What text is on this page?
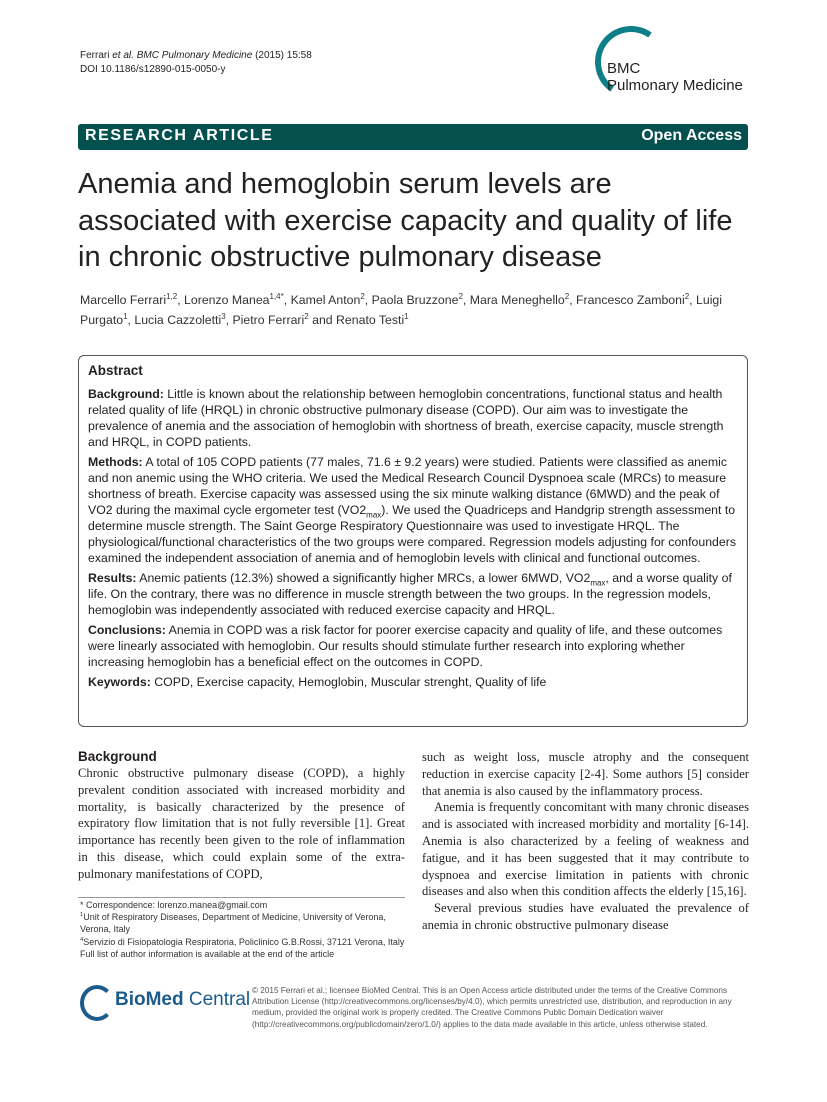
Ferrari et al. BMC Pulmonary Medicine (2015) 15:58
DOI 10.1186/s12890-015-0050-y	BMC
Pulmonary Medicine
RESEARCH ARTICLE	Open Access
Anemia and hemoglobin serum levels are associated with exercise capacity and quality of life in chronic obstructive pulmonary disease
Marcello Ferrari$^{1,2}$, Lorenzo Manea$^{1,4*}$, Kamel Anton$^2$, Paola Bruzzone$^2$, Mara Meneghello$^2$, Francesco Zamboni$^2$, Luigi Purgato$^1$, Lucia Cazzoletti$^3$, Pietro Ferrari$^2$ and Renato Testi$^1$
Abstract

Background: Little is known about the relationship between hemoglobin concentrations, functional status and health related quality of life (HRQL) in chronic obstructive pulmonary disease (COPD). Our aim was to investigate the prevalence of anemia and the association of hemoglobin with shortness of breath, exercise capacity, muscle strength and HRQL, in COPD patients.

Methods: A total of 105 COPD patients (77 males, 71.6 ± 9.2 years) were studied. Patients were classified as anemic and non anemic using the WHO criteria. We used the Medical Research Council Dyspnoea scale (MRCs) to measure shortness of breath. Exercise capacity was assessed using the six minute walking distance (6MWD) and the peak of VO2 during the maximal cycle ergometer test $(VO2_{max})$. We used the Quadriceps and Handgrip strength assessment to determine muscle strength. The Saint George Respiratory Questionnaire was used to investigate HRQL. The physiological/functional characteristics of the two groups were compared. Regression models adjusting for confounders examined the independent association of anemia and of hemoglobin levels with clinical and functional outcomes.

Results: Anemic patients (12.3%) showed a significantly higher MRCs, a lower 6MWD, $VO2_{max}$, and a worse quality of life. On the contrary, there was no difference in muscle strength between the two groups. In the regression models, hemoglobin was independently associated with reduced exercise capacity and HRQL.

Conclusions: Anemia in COPD was a risk factor for poorer exercise capacity and quality of life, and these outcomes were linearly associated with hemoglobin. Our results should stimulate further research into exploring whether increasing hemoglobin has a beneficial effect on the outcomes in COPD.

Keywords: COPD, Exercise capacity, Hemoglobin, Muscular strenght, Quality of life

Background

Chronic obstructive pulmonary disease (COPD), a highly prevalent condition associated with increased morbidity and mortality, is basically characterized by the presence of expiratory flow limitation that is not fully reversible [1]. Great importance has recently been given to the role of inflammation in this disease, which could explain some of the extra-pulmonary manifestations of COPD,

such as weight loss, muscle atrophy and the consequent reduction in exercise capacity [2-4]. Some authors [5] consider that anemia is also caused by the inflammatory process.

Anemia is frequently concomitant with many chronic diseases and is associated with increased morbidity and mortality [6-14]. Anemia is also characterized by a feeling of weakness and fatigue, and it has been suggested that it may contribute to dyspnoea and exercise limitation in patients with chronic diseases and also when this condition affects the elderly [15,16].

Several previous studies have evaluated the prevalence of anemia in chronic obstructive pulmonary disease

* Correspondence: lorenzo.manea@gmail.com
$^1$Unit of Respiratory Diseases, Department of Medicine, University of Verona, Verona, Italy
$^4$Servizio di Fisiopatologia Respiratoria, Policlinico G.B.Rossi, 37121 Verona, Italy
Full list of author information is available at the end of the article
BioMed Central © 2015 Ferrari et al.; licensee BioMed Central. This is an Open Access article distributed under the terms of the Creative Commons Attribution License (http://creativecommons.org/licenses/by/4.0), which permits unrestricted use, distribution, and reproduction in any medium, provided the original work is properly credited. The Creative Commons Public Domain Dedication waiver (http://creativecommons.org/publicdomain/zero/1.0/) applies to the data made available in this article, unless otherwise stated.
